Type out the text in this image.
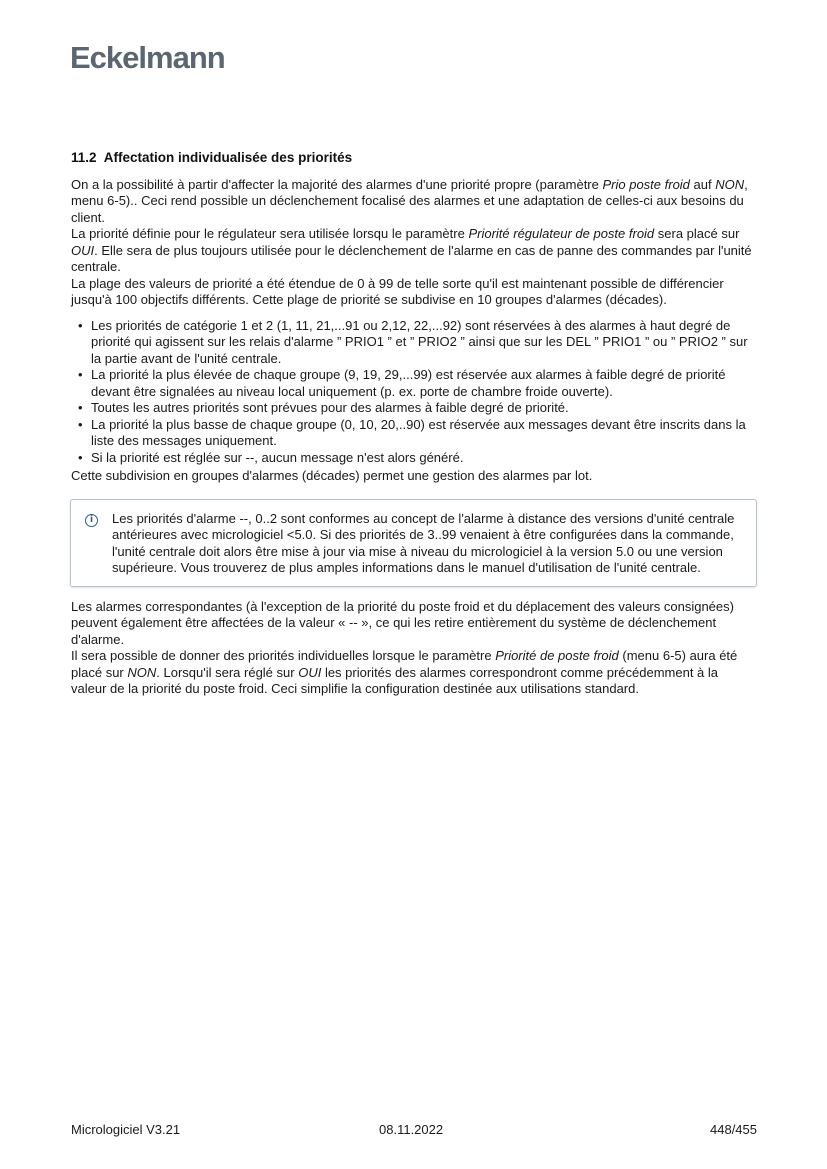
Eckelmann
11.2 Affectation individualisée des priorités

On a la possibilité à partir d'affecter la majorité des alarmes d'une priorité propre (paramètre Prio poste froid auf NON, menu 6-5).. Ceci rend possible un déclenchement focalisé des alarmes et une adaptation de celles-ci aux besoins du client.

La priorité définie pour le régulateur sera utilisée lorsqu le paramètre Priorité régulateur de poste froid sera placé sur OUI. Elle sera de plus toujours utilisée pour le déclenchement de l'alarme en cas de panne des commandes par l'unité centrale.

La plage des valeurs de priorité a été étendue de 0 à 99 de telle sorte qu'il est maintenant possible de différencier jusqu'à 100 objectifs différents. Cette plage de priorité se subdivise en 10 groupes d'alarmes (décades).

• Les priorités de catégorie 1 et 2 (1, 11, 21,...91 ou 2,12, 22,...92) sont réservées à des alarmes à haut degré de priorité qui agissent sur les relais d'alarme ” PRIO1 ” et ” PRIO2 ” ainsi que sur les DEL ” PRIO1 ” ou ” PRIO2 ” sur la partie avant de l'unité centrale.
• La priorité la plus élevée de chaque groupe (9, 19, 29,...99) est réservée aux alarmes à faible degré de priorité devant être signalées au niveau local uniquement (p. ex. porte de chambre froide ouverte).
• Toutes les autres priorités sont prévues pour des alarmes à faible degré de priorité.
• La priorité la plus basse de chaque groupe (0, 10, 20,..90) est réservée aux messages devant être inscrits dans la liste des messages uniquement.
• Si la priorité est réglée sur --, aucun message n'est alors généré.

Cette subdivision en groupes d'alarmes (décades) permet une gestion des alarmes par lot.

i	Les priorités d'alarme --, 0..2 sont conformes au concept de l'alarme à distance des versions d'unité centrale antérieures avec micrologiciel <5.0. Si des priorités de 3..99 venaient à être configurées dans la commande, l'unité centrale doit alors être mise à jour via mise à niveau du micrologiciel à la version 5.0 ou une version supérieure. Vous trouverez de plus amples informations dans le manuel d'utilisation de l'unité centrale.

Les alarmes correspondantes (à l'exception de la priorité du poste froid et du déplacement des valeurs consignées) peuvent également être affectées de la valeur « -- », ce qui les retire entièrement du système de déclenchement d'alarme.

Il sera possible de donner des priorités individuelles lorsque le paramètre Priorité de poste froid (menu 6-5) aura été placé sur NON. Lorsqu'il sera réglé sur OUI les priorités des alarmes correspondront comme précédemment à la valeur de la priorité du poste froid. Ceci simplifie la configuration destinée aux utilisations standard.

Micrologiciel V3.21	08.11.2022	448/455
